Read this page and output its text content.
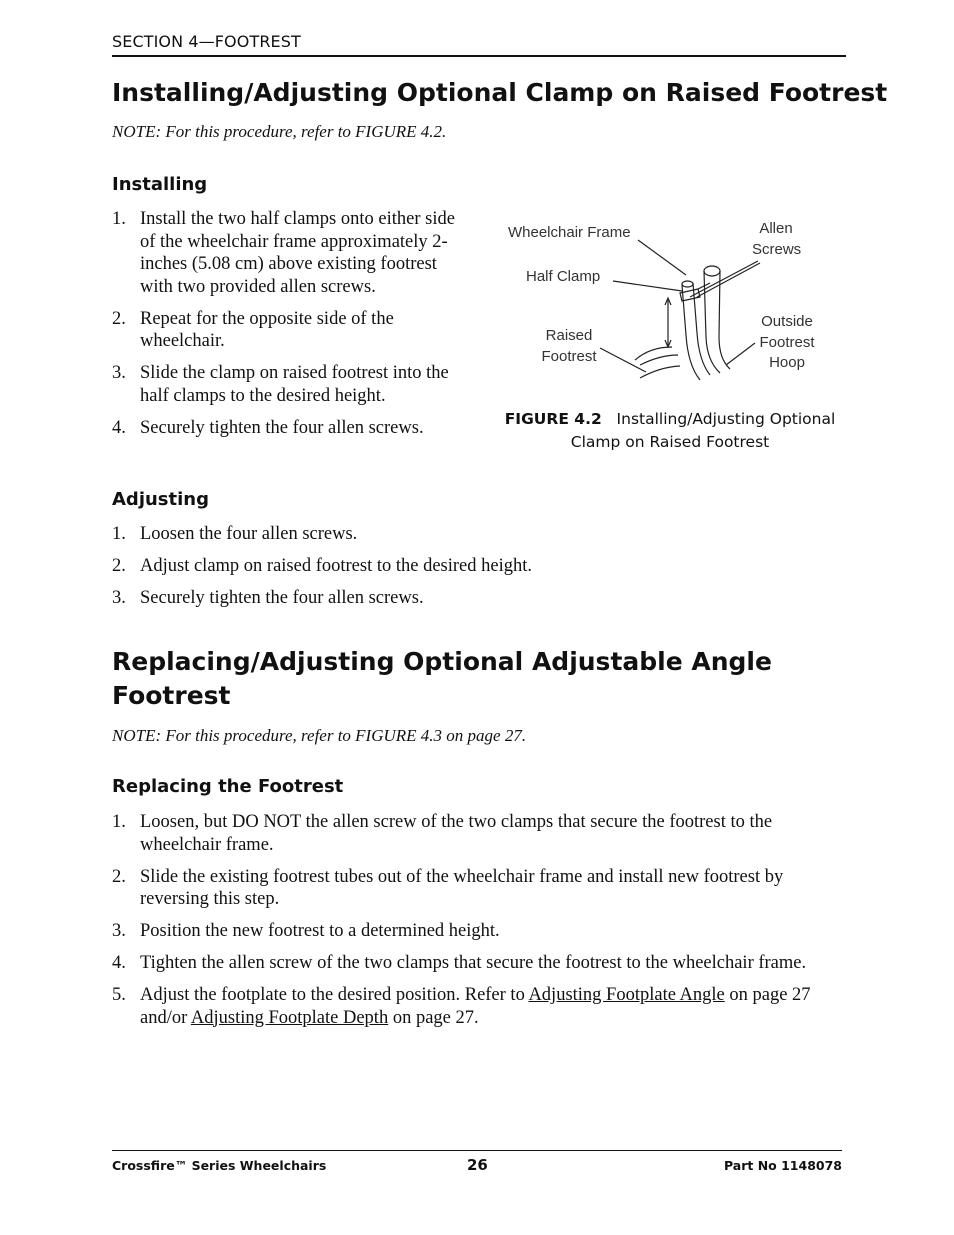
SECTION 4—FOOTREST
Installing/Adjusting Optional Clamp on Raised Footrest
NOTE: For this procedure, refer to FIGURE 4.2.
Installing
1. Install the two half clamps onto either side of the wheelchair frame approximately 2-inches (5.08 cm) above existing footrest with two provided allen screws.
2. Repeat for the opposite side of the wheelchair.
3. Slide the clamp on raised footrest into the half clamps to the desired height.
4. Securely tighten the four allen screws.
Wheelchair Frame	Allen
Screws
Half Clamp
Raised
Footrest
Outside
Footrest
Hoop
FIGURE 4.2 Installing/Adjusting Optional
Clamp on Raised Footrest
Adjusting
1. Loosen the four allen screws.
2. Adjust clamp on raised footrest to the desired height.
3. Securely tighten the four allen screws.
Replacing/Adjusting Optional Adjustable Angle
Footrest
NOTE: For this procedure, refer to FIGURE 4.3 on page 27.
Replacing the Footrest
1. Loosen, but DO NOT the allen screw of the two clamps that secure the footrest to the wheelchair frame.
2. Slide the existing footrest tubes out of the wheelchair frame and install new footrest by reversing this step.
3. Position the new footrest to a determined height.
4. Tighten the allen screw of the two clamps that secure the footrest to the wheelchair frame.
5. Adjust the footplate to the desired position. Refer to Adjusting Footplate Angle on page 27 and/or Adjusting Footplate Depth on page 27.
Crossfire™ Series Wheelchairs	26	Part No 1148078
